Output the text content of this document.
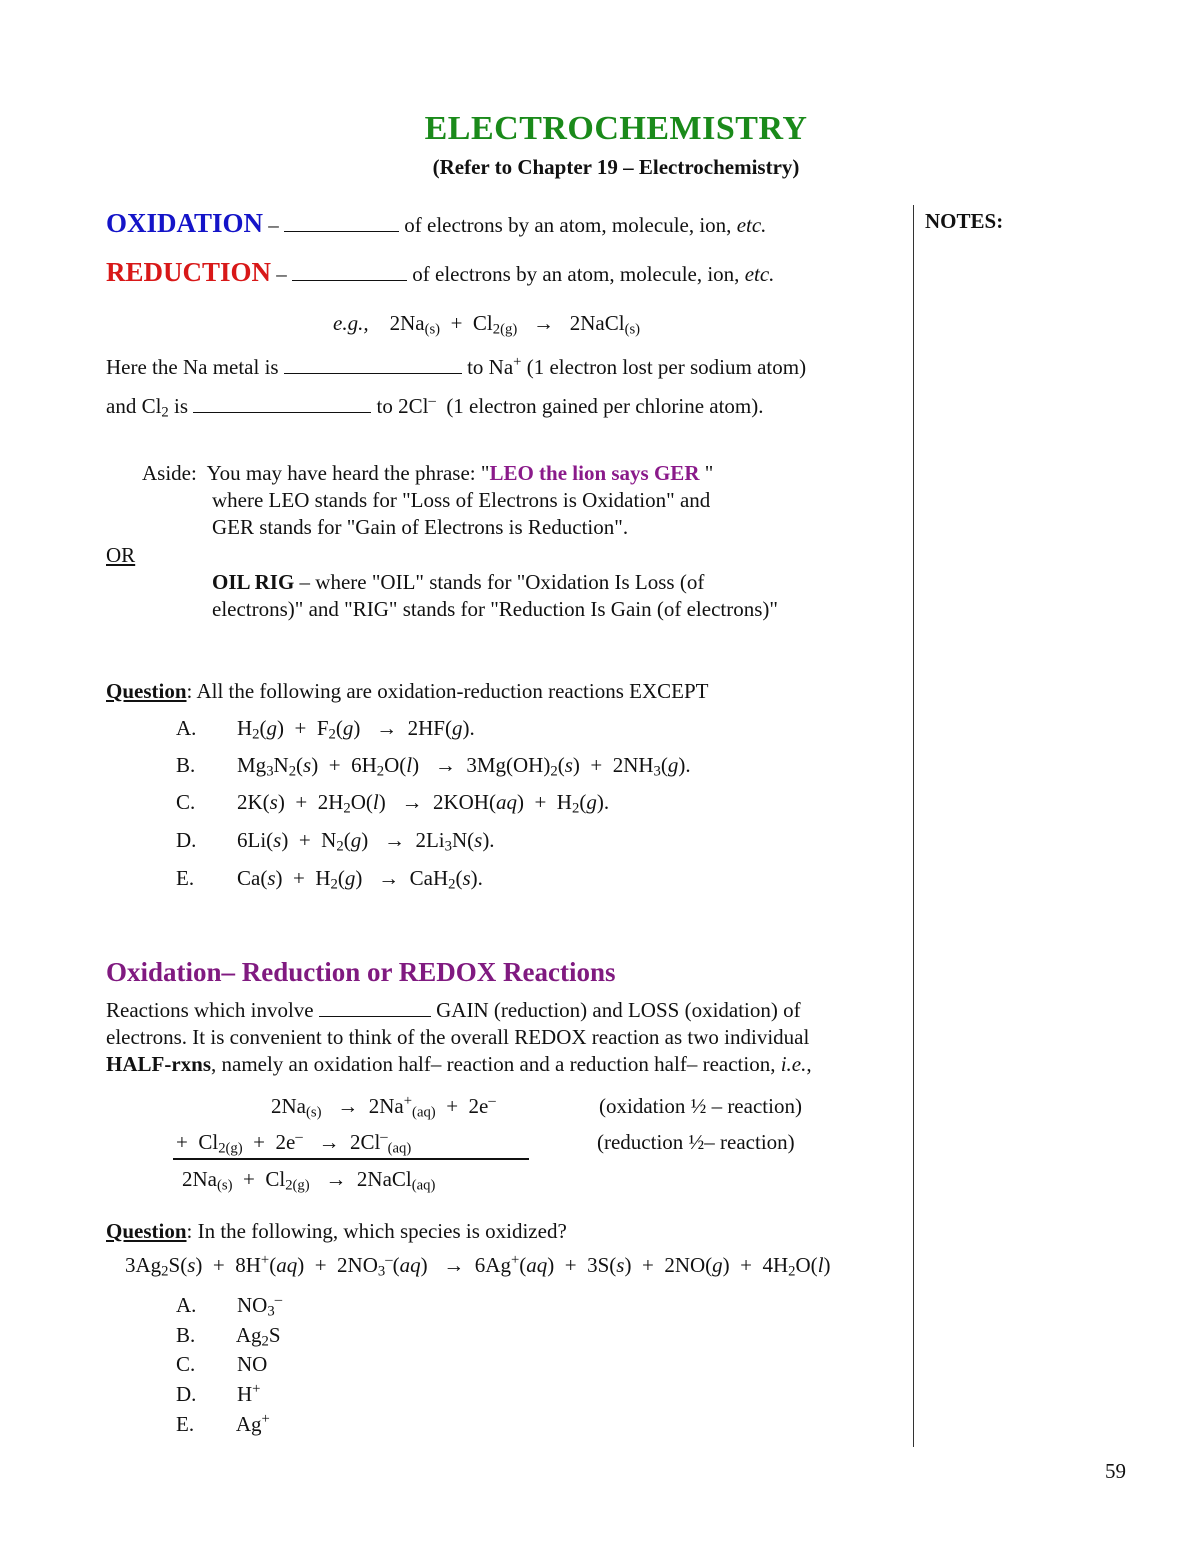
ELECTROCHEMISTRY
(Refer to Chapter 19 – Electrochemistry)
NOTES:
OXIDATION –	of electrons by an atom, molecule, ion, etc.
REDUCTION –	of electrons by an atom, molecule, ion, etc.
e.g., $2Na_{(s)} + Cl_{2(g)}$ → 2NaCl$_{(s)}$
Here the Na metal is	to Na+ (1 electron lost per sodium atom)
and $Cl_2$ is	to 2Cl– (1 electron gained per chlorine atom).
Aside: You may have heard the phrase: "LEO the lion says GER "
where LEO stands for "Loss of Electrons is Oxidation" and
GER stands for "Gain of Electrons is Reduction".
OR
OIL RIG – where "OIL" stands for "Oxidation Is Loss (of
electrons)" and "RIG" stands for "Reduction Is Gain (of electrons)"
Question: All the following are oxidation-reduction reactions EXCEPT
A.    $H_2(g) + F_2(g) \to 2HF(g)$.
B.    $Mg_3N_2(s) + 6H_2O(l) \to 3Mg(OH)_2(s) + 2NH_3(g)$.
C.    $2K(s) + 2H_2O(l) \to 2KOH(aq) + H_2(g)$.
D.    $6Li(s) + N_2(g) \to 2Li_3N(s)$.
E.    $Ca(s) + H_2(g) \to CaH_2(s)$.
Oxidation– Reduction or REDOX Reactions
Reactions which involve	GAIN (reduction) and LOSS (oxidation) of
electrons. It is convenient to think of the overall REDOX reaction as two individual
HALF-rxns, namely an oxidation half– reaction and a reduction half– reaction, i.e.,
$2Na_{(s)} \to 2Na^+_{(aq)} + 2e^-$	(oxidation ½ – reaction)
+  $Cl_{2(g)} + 2e^- \to 2Cl^-_{(aq)}$	(reduction ½– reaction)
$2Na_{(s)} + Cl_{2(g)}$   →  2NaCl$_{(aq)}$
Question: In the following, which species is oxidized?
$3Ag_2S(s) + 8H^+(aq) + 2NO_3^-(aq) \to 6Ag^+(aq) + 3S(s) + 2NO(g) + 4H_2O(l)$
A.    $NO_3^-$
B.    $Ag_2S$
C.    NO
D.    H+
E.    Ag+
59
